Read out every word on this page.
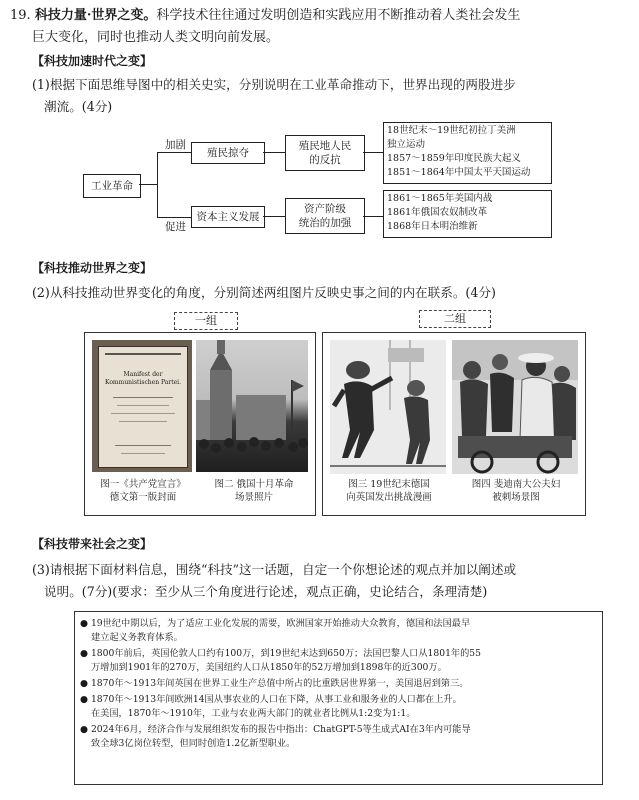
19. 科技力量·世界之变。科学技术往往通过发明创造和实践应用不断推动着人类社会发生
巨大变化，同时也推动人类文明向前发展。
【科技加速时代之变】
(1)根据下面思维导图中的相关史实，分别说明在工业革命推动下，世界出现的两股进步
潮流。(4分)
工业革命
加剧
促进
殖民掠夺
殖民地人民
的反抗
18世纪末～19世纪初拉丁美洲
独立运动
1857～1859年印度民族大起义
1851～1864年中国太平天国运动
资本主义发展
资产阶级
统治的加强
1861～1865年美国内战
1861年俄国农奴制改革
1868年日本明治维新
【科技推动世界之变】
(2)从科技推动世界变化的角度，分别简述两组图片反映史事之间的内在联系。(4分)
一组	二组
Manifest der Kommunistischen Partei.
图一《共产党宣言》
德文第一版封面
图二 俄国十月革命
场景照片
图三 19世纪末德国
向英国发出挑战漫画
图四 斐迪南大公夫妇
被刺场景图
【科技带来社会之变】
(3)请根据下面材料信息，围绕“科技”这一话题，自定一个你想论述的观点并加以阐述或
说明。(7分)(要求：至少从三个角度进行论述，观点正确，史论结合，条理清楚)
● 19世纪中期以后，为了适应工业化发展的需要，欧洲国家开始推动大众教育，德国和法国最早
建立起义务教育体系。
● 1800年前后，英国伦敦人口约有100万，到19世纪末达到650万；法国巴黎人口从1801年的55
万增加到1901年的270万，美国纽约人口从1850年的52万增加到1898年的近300万。
● 1870年～1913年间英国在世界工业生产总值中所占的比重跌居世界第一，美国退居到第三。
● 1870年～1913年间欧洲14国从事农业的人口在下降，从事工业和服务业的人口都在上升。
在美国，1870年～1910年，工业与农业两大部门的就业者比例从1:2变为1:1。
● 2024年6月，经济合作与发展组织发布的报告中指出：ChatGPT-5等生成式AI在3年内可能导
致全球3亿岗位转型，但同时创造1.2亿新型职业。
